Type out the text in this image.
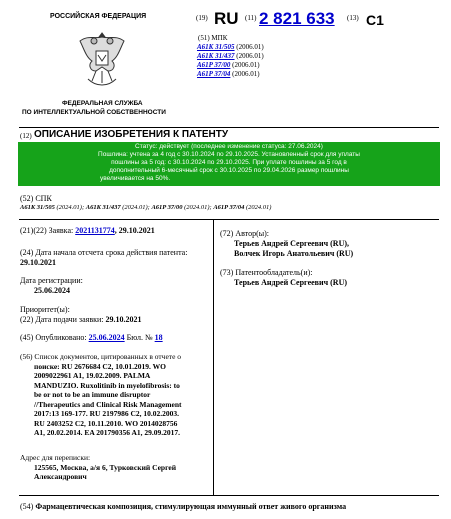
РОССИЙСКАЯ ФЕДЕРАЦИЯ
ФЕДЕРАЛЬНАЯ СЛУЖБА
ПО ИНТЕЛЛЕКТУАЛЬНОЙ СОБСТВЕННОСТИ
(19) RU (11) 2 821 633 (13) C1
(51) МПК
A61K 31/505 (2006.01)
A61K 31/437 (2006.01)
A61P 37/00 (2006.01)
A61P 37/04 (2006.01)
(12) ОПИСАНИЕ ИЗОБРЕТЕНИЯ К ПАТЕНТУ
Статус: действует (последнее изменение статуса: 27.06.2024)
Пошлина: учтена за 4 год с 30.10.2024 по 29.10.2025. Установленный срок для уплаты
пошлины за 5 год: с 30.10.2024 по 29.10.2025. При уплате пошлины за 5 год в
дополнительный 6-месячный срок с 30.10.2025 по 29.04.2026 размер пошлины
увеличивается на 50%.
(52) СПК
A61K 31/505 (2024.01); A61K 31/437 (2024.01); A61P 37/00 (2024.01); A61P 37/04 (2024.01)
(21)(22) Заявка: 2021131774, 29.10.2021
(24) Дата начала отсчета срока действия патента:
29.10.2021
Дата регистрации:
25.06.2024
Приоритет(ы):
(22) Дата подачи заявки: 29.10.2021
(45) Опубликовано: 25.06.2024 Бюл. № 18
(56) Список документов, цитированных в отчете о
поиске: RU 2676684 C2, 10.01.2019. WO
2009022961 A1, 19.02.2009. PALMA
MANDUZIO. Ruxolitinib in myelofibrosis: to
be or not to be an immune disruptor
//Therapeutics and Clinical Risk Management
2017:13 169-177. RU 2197986 C2, 10.02.2003.
RU 2403252 C2, 10.11.2010. WO 2014028756
A1, 20.02.2014. EA 201790356 A1, 29.09.2017.
Адрес для переписки:
125565, Москва, а/я 6, Турковский Сергей
Александрович
(72) Автор(ы):
Терьев Андрей Сергеевич (RU),
Волчек Игорь Анатольевич (RU)
(73) Патентообладатель(и):
Терьев Андрей Сергеевич (RU)
(54) Фармацевтическая композиция, стимулирующая иммунный ответ живого организма
